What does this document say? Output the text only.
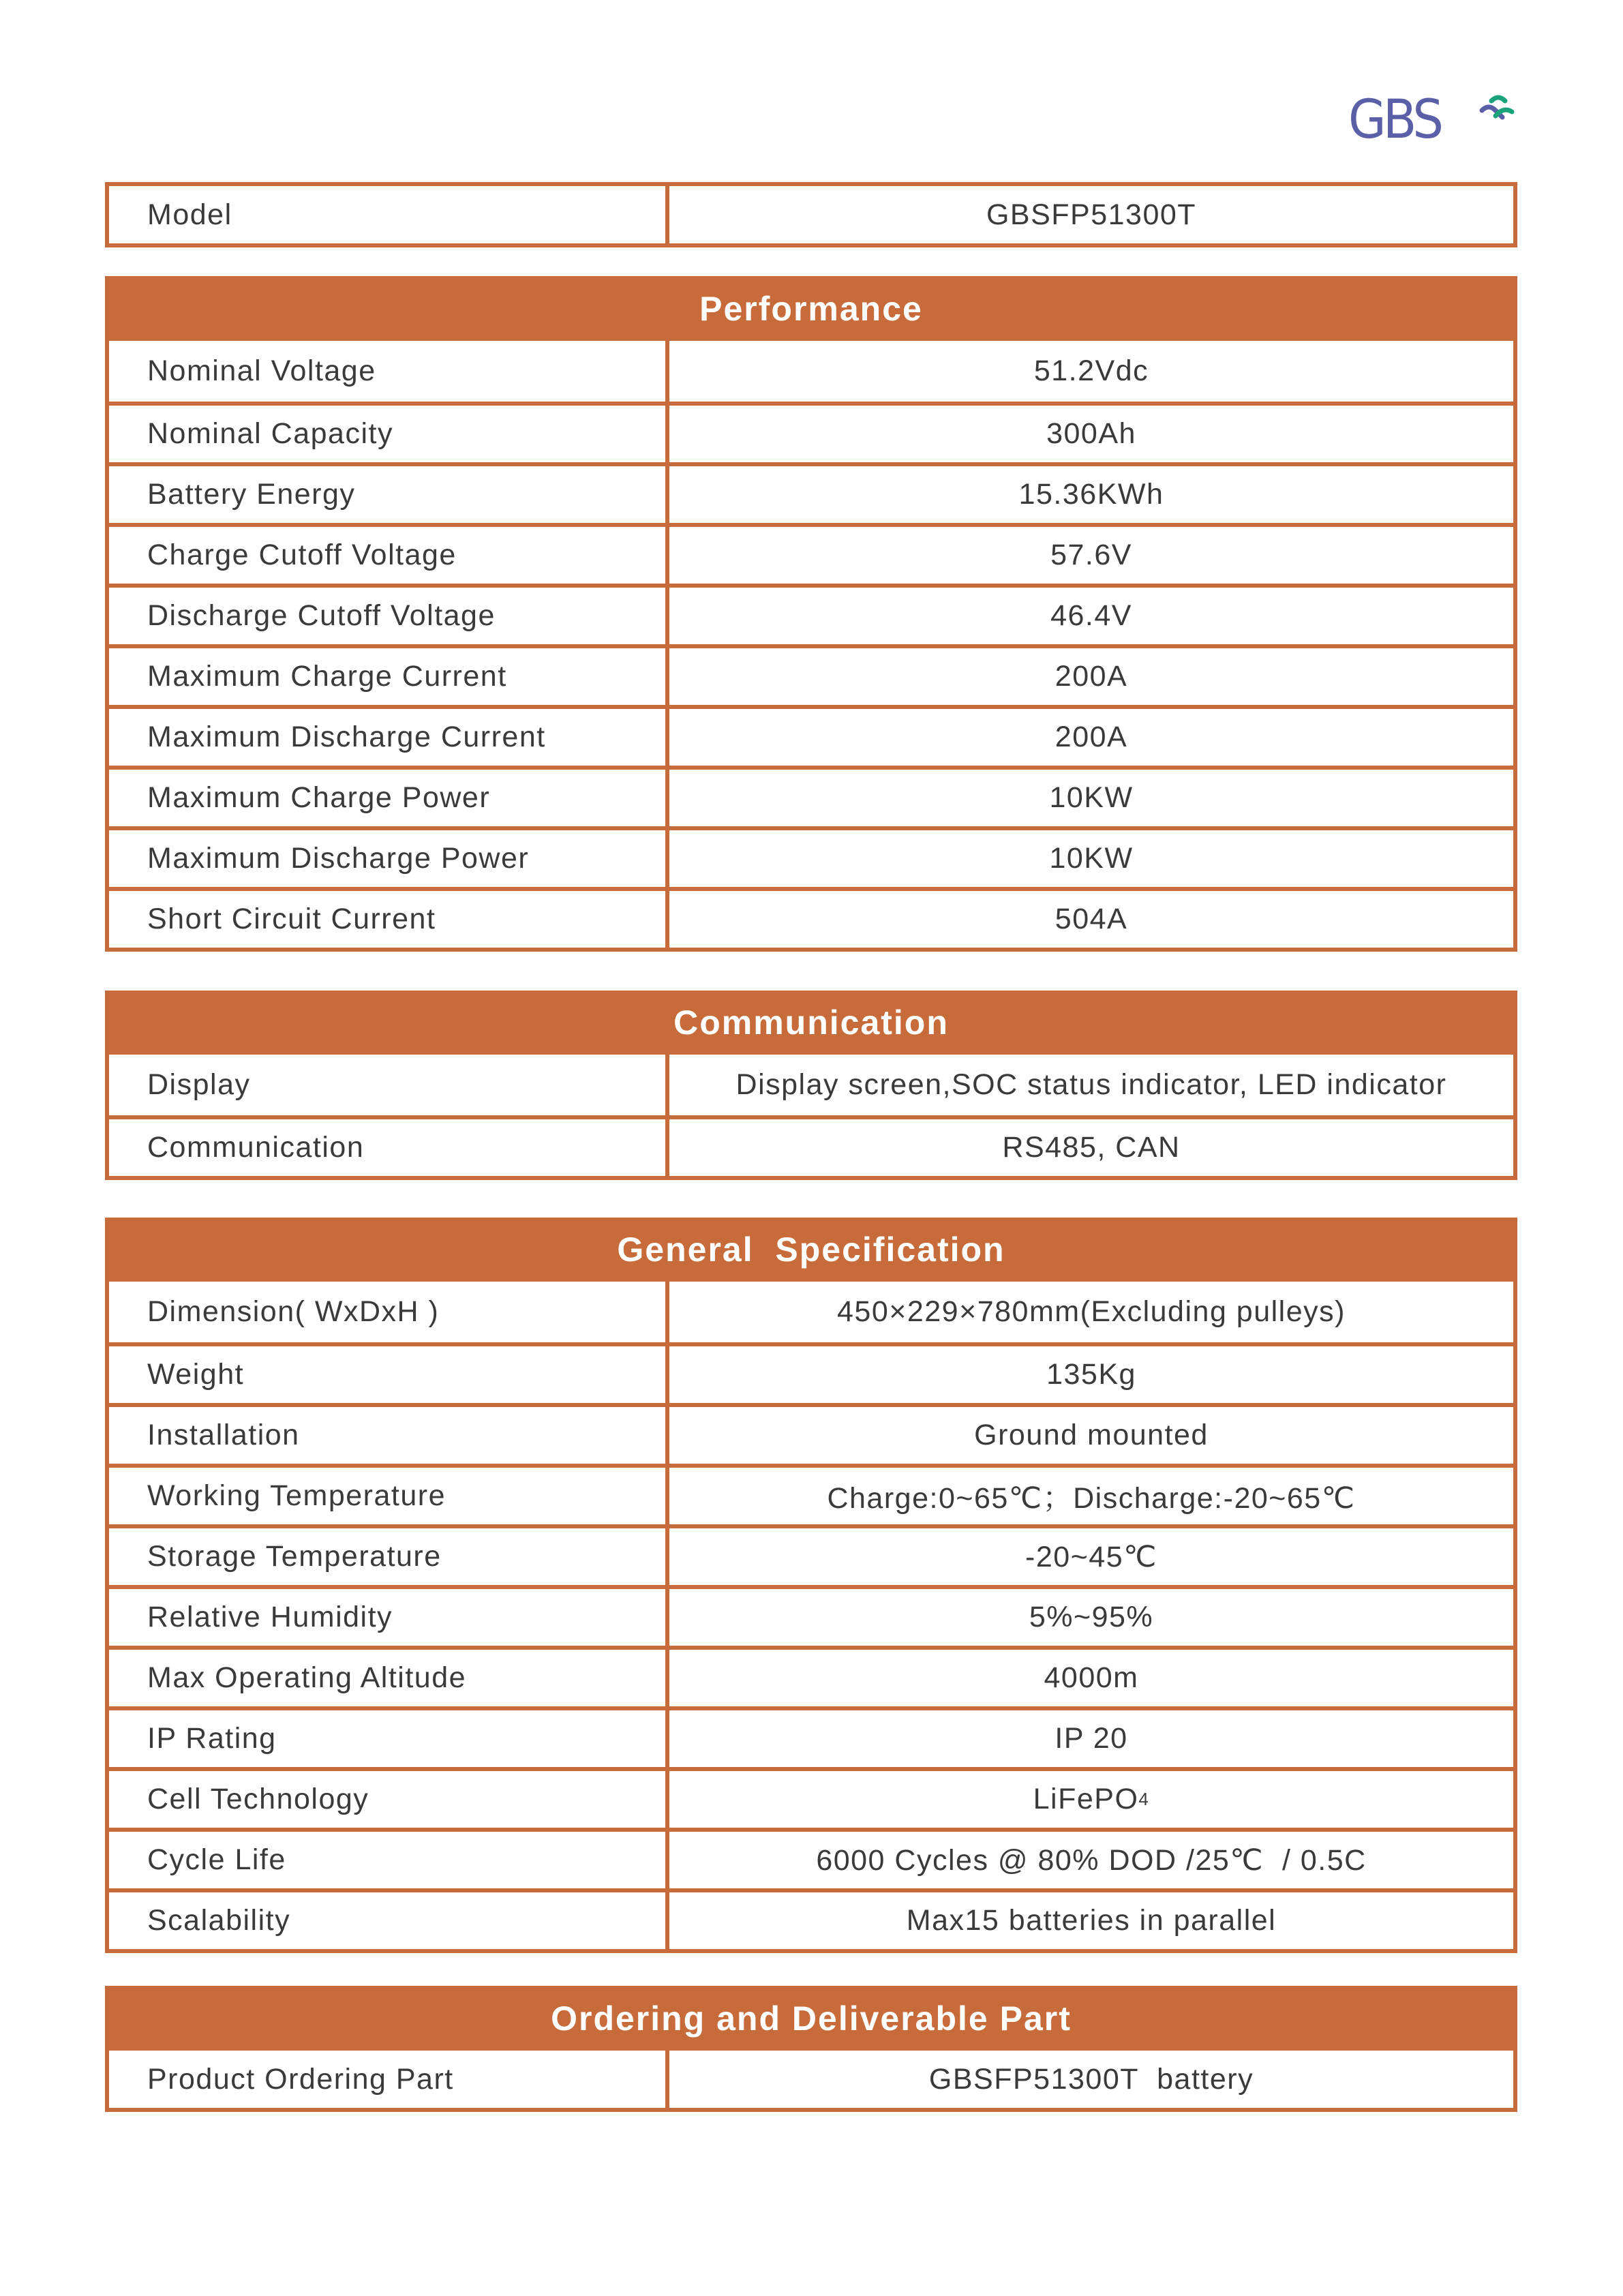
GBS
Model	GBSFP51300T
Performance
Nominal Voltage	51.2Vdc
Nominal Capacity	300Ah
Battery Energy	15.36KWh
Charge Cutoff Voltage	57.6V
Discharge Cutoff Voltage	46.4V
Maximum Charge Current	200A
Maximum Discharge Current	200A
Maximum Charge Power	10KW
Maximum Discharge Power	10KW
Short Circuit Current	504A
Communication
Display	Display screen,SOC status indicator, LED indicator
Communication	RS485, CAN
General  Specification
Dimension( WxDxH )	450×229×780mm(Excluding pulleys)
Weight	135Kg
Installation	Ground mounted
Working Temperature	Charge:0~65℃；Discharge:-20~65℃
Storage Temperature	-20~45℃
Relative Humidity	5%~95%
Max Operating Altitude	4000m
IP Rating	IP 20
Cell Technology	LiFePO 4
Cycle Life	6000 Cycles @ 80% DOD /25℃  / 0.5C
Scalability	Max15 batteries in parallel
Ordering and Deliverable Part
Product Ordering Part	GBSFP51300T  battery
